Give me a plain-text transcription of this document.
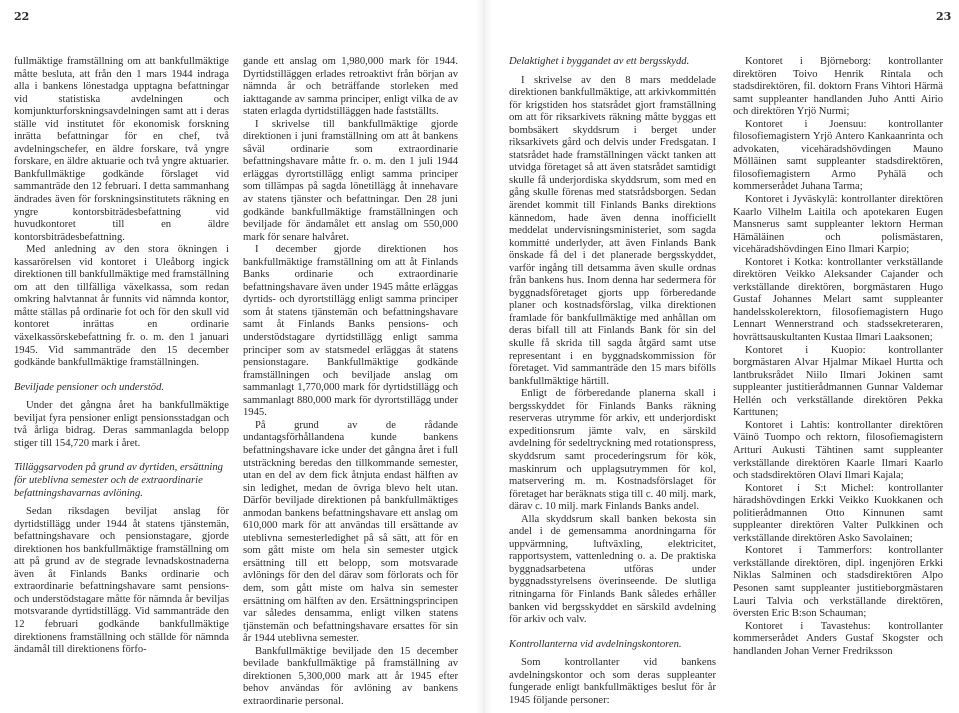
22	23

fullmäktige framställning om att bankfullmäktige måtte besluta, att från den 1 mars 1944 indraga alla i bankens lönestadga upptagna befattningar vid statistiska avdelningen och komjunkturforskningsavdelningen samt att i deras ställe vid institutet för ekonomisk forskning inrätta befattningar för en chef, två avdelningschefer, en äldre forskare, två yngre forskare, en äldre aktuarie och två yngre aktuarier. Bankfullmäktige godkände förslaget vid sammanträde den 12 februari. I detta sammanhang ändrades även för forskningsinstitutets räkning en yngre kontorsbiträdesbefattning vid huvudkontoret till en äldre kontorsbiträdesbefattning.

Med anledning av den stora ökningen i kassarörelsen vid kontoret i Uleåborg ingick direktionen till bankfullmäktige med framställning om att den tillfälliga växelkassa, som redan omkring halvtannat år funnits vid nämnda kontor, måtte ställas på ordinarie fot och för den skull vid kontoret inrättas en ordinarie växelkassörskebefattning fr. o. m. den 1 januari 1945. Vid sammanträde den 15 december godkände bankfullmäktige framställningen.

Beviljade pensioner och understöd.

Under det gångna året ha bankfullmäktige beviljat fyra pensioner enligt pensionsstadgan och två årliga bidrag. Deras sammanlagda belopp stiger till 154,720 mark i året.

Tilläggsarvoden på grund av dyrtiden, ersättning för uteblivna semester och de extraordinarie befattningshavarnas avlöning.

Sedan riksdagen beviljat anslag för dyrtidstillägg under 1944 åt statens tjänstemän, befattningshavare och pensionstagare, gjorde direktionen hos bankfullmäktige framställning om att på grund av de stegrade levnadskostnaderna även åt Finlands Banks ordinarie och extraordinarie befattningshavare samt pensions- och understödstagare måtte för nämnda år beviljas motsvarande dyrtidstillägg. Vid sammanträde den 12 februari godkände bankfullmäktige direktionens framställning och ställde för nämnda ändamål till direktionens förfo-

gande ett anslag om 1,980,000 mark för 1944. Dyrtidstilläggen erlades retroaktivt från början av nämnda år och beträffande storleken med iakttagande av samma principer, enligt vilka de av staten erlagda dyrtidstilläggen hade fastställts.

I skrivelse till bankfullmäktige gjorde direktionen i juni framställning om att åt bankens såväl ordinarie som extraordinarie befattningshavare måtte fr. o. m. den 1 juli 1944 erläggas dyrortstillägg enligt samma principer som tillämpas på sagda lönetillägg åt innehavare av statens tjänster och befattningar. Den 28 juni godkände bankfullmäktige framställningen och beviljade för ändamålet ett anslag om 550,000 mark för senare halvåret.

I december gjorde direktionen hos bankfullmäktige framställning om att åt Finlands Banks ordinarie och extraordinarie befattningshavare även under 1945 måtte erläggas dyrtids- och dyrortstillägg enligt samma principer som åt statens tjänstemän och befattningshavare samt åt Finlands Banks pensions- och understödstagare dyrtidstillägg enligt samma principer som av statsmedel erläggas åt statens pensionstagare. Bankfullmäktige godkände framställningen och beviljade anslag om sammanlagt 1,770,000 mark för dyrtidstillägg och sammanlagt 880,000 mark för dyrortstillägg under 1945.

På grund av de rådande undantagsförhållandena kunde bankens befattningshavare icke under det gångna året i full utsträckning beredas den tillkommande semester, utan en del av dem fick åtnjuta endast hälften av sin ledighet, medan de övriga blevo helt utan. Därför beviljade direktionen på bankfullmäktiges anmodan bankens befattningshavare ett anslag om 610,000 mark för att användas till ersättande av uteblivna semesterledighet på så sätt, att för en som gått miste om hela sin semester utgick ersättning till ett belopp, som motsvarade avlönings för den del därav som förlorats och för dem, som gått miste om halva sin semester ersättning om hälften av den. Ersättningsprincipen var således densamma, enligt vilken statens tjänstemän och befattningshavare ersattes för sin år 1944 uteblivna semester.

Bankfullmäktige beviljade den 15 december bevilade bankfullmäktige på framställning av direktionen 5,300,000 mark att år 1945 efter behov användas för avlöning av bankens extraordinarie personal.

Delaktighet i byggandet av ett bergsskydd.

I skrivelse av den 8 mars meddelade direktionen bankfullmäktige, att arkivkommittén för krigstiden hos statsrådet gjort framställning om att för riksarkivets räkning måtte byggas ett bombsäkert skyddsrum i berget under riksarkivets gård och delvis under Fredsgatan. I statsrådet hade framställningen väckt tanken att utvidga företaget så att även statsrådet samtidigt skulle få underjordiska skyddsrum, som med en gång skulle förenas med statsrådsborgen. Sedan ärendet kommit till Finlands Banks direktions kännedom, hade även denna inofficiellt meddelat undervisningsministeriet, som sagda kommitté underlyder, att även Finlands Bank önskade få del i det planerade bergsskyddet, varför ingång till detsamma även skulle ordnas från bankens hus. Inom denna har sedermera för byggnadsföretaget gjorts upp förberedande planer och kostnadsförslag, vilka direktionen framlade för bankfullmäktige med anhållan om deras bifall till att Finlands Bank för sin del skulle få skrida till sagda åtgärd samt utse representant i en byggnadskommission för företaget. Vid sammanträde den 15 mars bifölls bankfullmäktige härtill.

Enligt de förberedande planerna skall i bergsskyddet för Finlands Banks räkning reserveras utrymme för arkiv, ett underjordiskt expeditionsrum jämte valv, en särskild avdelning för sedeltryckning med rotationspress, skyddsrum samt procederingsrum för kök, maskinrum och upplagsutrymmen för kol, matservering m. m. Kostnadsförslaget för företaget har beräknats stiga till c. 40 milj. mark, därav c. 10 milj. mark Finlands Banks andel.

Alla skyddsrum skall banken bekosta sin andel i de gemensamma anordningarna för uppvärmning, luftväxling, elektricitet, rapportsystem, vattenledning o. a. De praktiska byggnadsarbetena utföras under byggnadsstyrelsens överinseende. De slutliga ritningarna för Finlands Bank således erhåller banken vid bergsskyddet en särskild avdelning för arkiv och valv.

Kontrollanterna vid avdelningskontoren.

Som kontrollanter vid bankens avdelningskontor och som deras suppleanter fungerade enligt bankfullmäktiges beslut för år 1945 följande personer:

Kontoret i Björneborg: kontrollanter direktören Toivo Henrik Rintala och stadsdirektören, fil. doktorn Frans Vihtori Härmä samt suppleanter handlanden Juho Antti Airio och direktören Yrjö Nurmi;

Kontoret i Joensuu: kontrollanter filosofiemagistern Yrjö Antero Kankaanrinta och advokaten, vicehäradshövdingen Mauno Mölläinen samt suppleanter stadsdirektören, filosofiemagistern Armo Pyhälä och kommerserådet Juhana Tarma;

Kontoret i Jyväskylä: kontrollanter direktören Kaarlo Vilhelm Laitila och apotekaren Eugen Mansnerus samt suppleanter lektorn Herman Hämäläinen och polismästaren, vicehäradshövdingen Eino Ilmari Karpio;

Kontoret i Kotka: kontrollanter verkställande direktören Veikko Aleksander Cajander och verkställande direktören, borgmästaren Hugo Gustaf Johannes Melart samt suppleanter handelsskolerektorn, filosofiemagistern Hugo Lennart Wennerstrand och stadssekreteraren, hovrättsauskultanten Kustaa Ilmari Laaksonen;

Kontoret i Kuopio: kontrollanter borgmästaren Alvar Hjalmar Mikael Hurtta och lantbruksrådet Niilo Ilmari Jokinen samt suppleanter justitierådmannen Gunnar Valdemar Hellén och verkställande direktören Pekka Karttunen;

Kontoret i Lahtis: kontrollanter direktören Väinö Tuompo och rektorn, filosofiemagistern Artturi Aukusti Tähtinen samt suppleanter verkställande direktören Kaarle Ilmari Kaarlo och stadsdirektören Olavi Ilmari Kajala;

Kontoret i S:t Michel: kontrollanter häradshövdingen Erkki Veikko Kuokkanen och politierådmannen Otto Kinnunen samt suppleanter direktören Valter Pulkkinen och verkställande direktören Asko Savolainen;

Kontoret i Tammerfors: kontrollanter verkställande direktören, dipl. ingenjören Erkki Niklas Salminen och stadsdirektören Alpo Pesonen samt suppleanter justitieborgmästaren Lauri Talvia och verkställande direktören, översten Eric B:son Schauman;

Kontoret i Tavastehus: kontrollanter kommerserådet Anders Gustaf Skogster och handlanden Johan Verner Fredriksson
